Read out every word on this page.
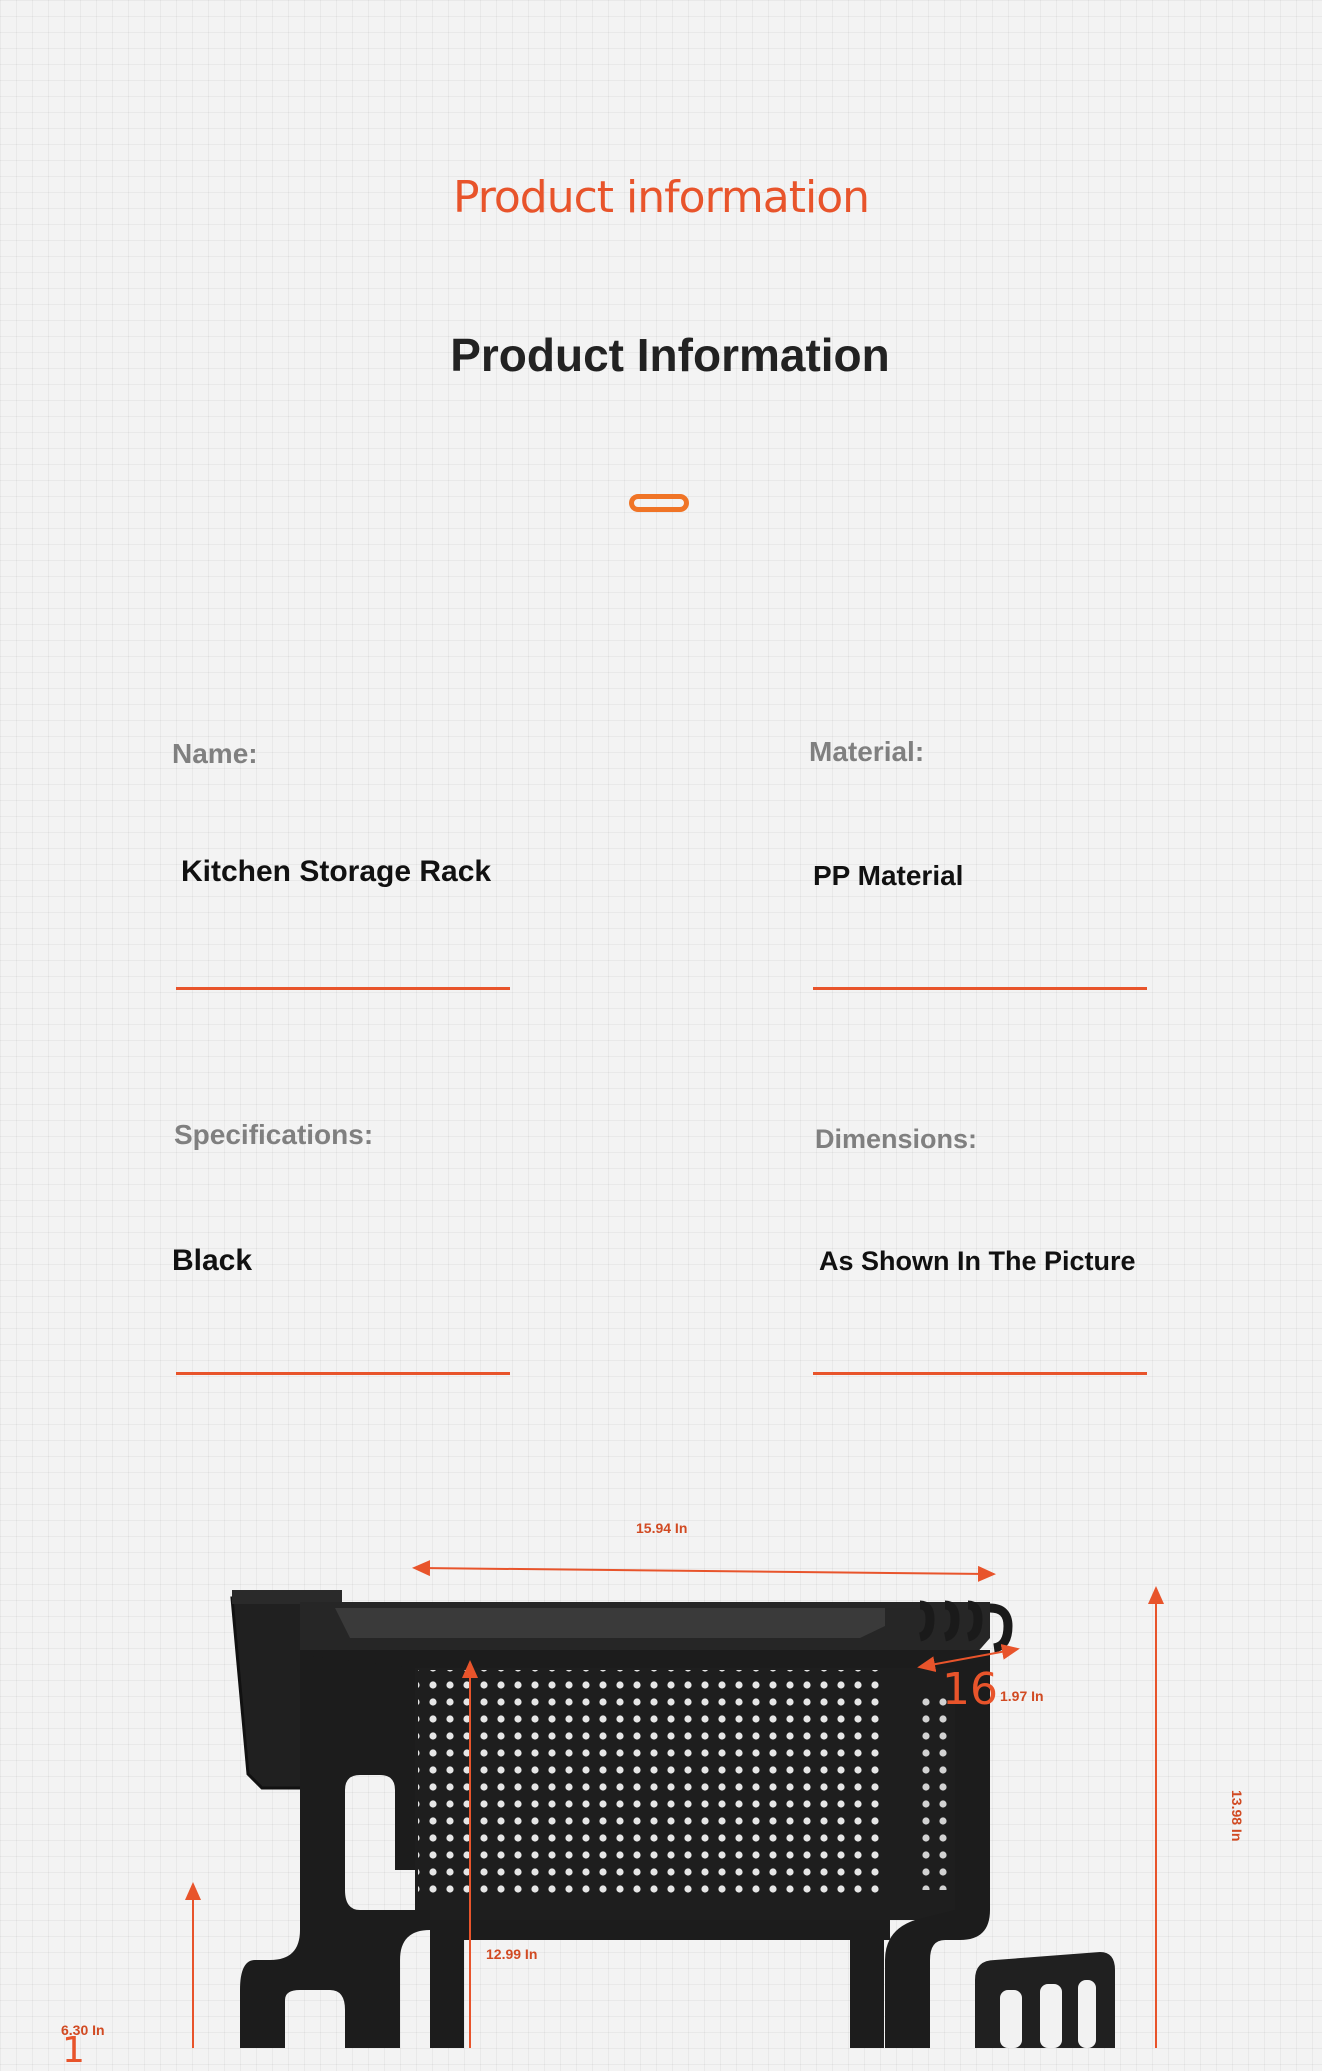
Product information
Product Information
Name:
Kitchen Storage Rack
Material:
PP Material
Specifications:
Black
Dimensions:
As Shown In The Picture
15.94 In
16 1.97 In
13.98 In
12.99 In
6.30 In
1
